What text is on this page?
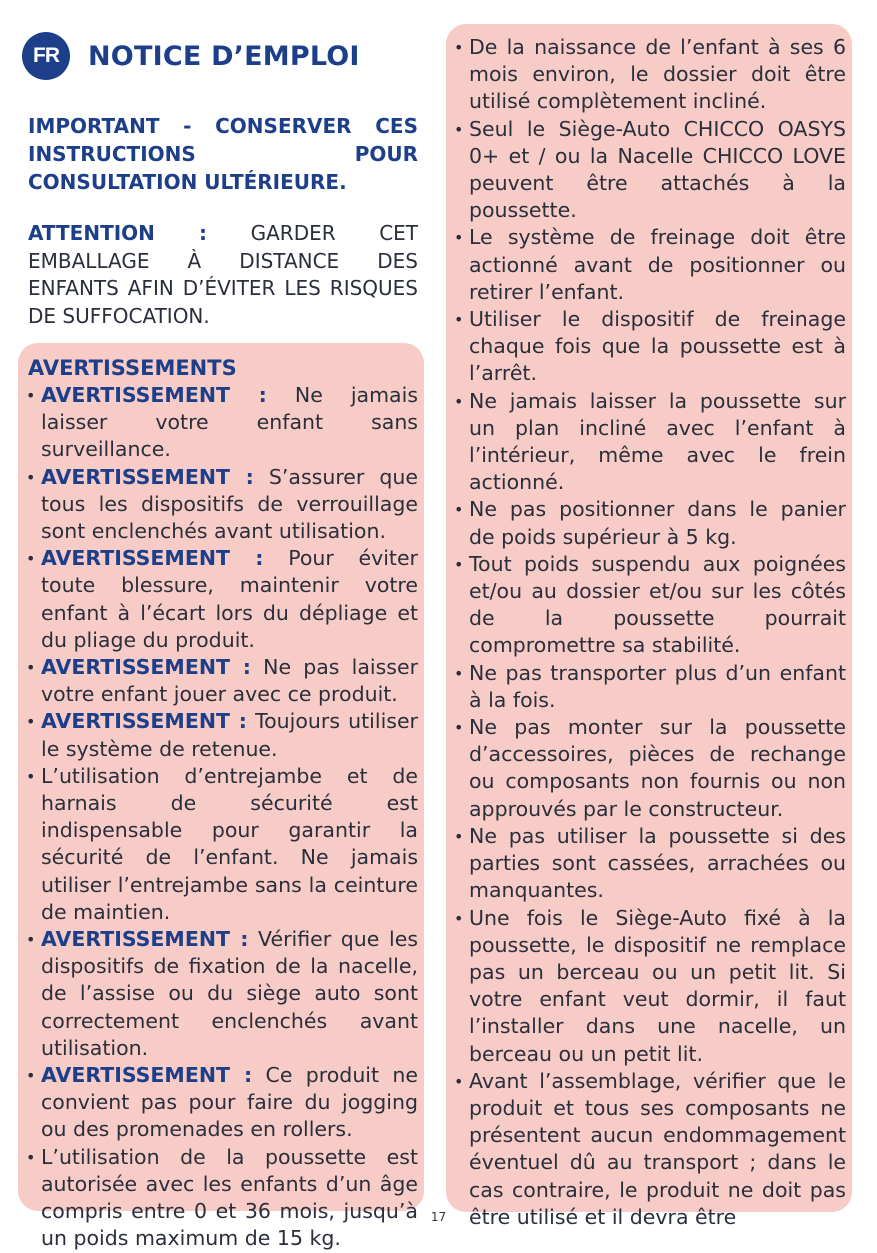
FR	NOTICE D’EMPLOI
IMPORTANT - CONSERVER CES INSTRUCTIONS POUR CONSULTATION ULTÉRIEURE.
ATTENTION : GARDER CET EMBALLAGE À DISTANCE DES ENFANTS AFIN D’ÉVITER LES RISQUES DE SUFFOCATION.
AVERTISSEMENTS
• AVERTISSEMENT : Ne jamais laisser votre enfant sans surveillance.
• AVERTISSEMENT : S’assurer que tous les dispositifs de verrouillage sont enclenchés avant utilisation.
• AVERTISSEMENT : Pour éviter toute blessure, maintenir votre enfant à l’écart lors du dépliage et du pliage du produit.
• AVERTISSEMENT : Ne pas laisser votre enfant jouer avec ce produit.
• AVERTISSEMENT : Toujours utiliser le système de retenue.
• L’utilisation d’entrejambe et de harnais de sécurité est indispensable pour garantir la sécurité de l’enfant. Ne jamais utiliser l’entrejambe sans la ceinture de maintien.
• AVERTISSEMENT : Vérifier que les dispositifs de fixation de la nacelle, de l’assise ou du siège auto sont correctement enclenchés avant utilisation.
• AVERTISSEMENT : Ce produit ne convient pas pour faire du jogging ou des promenades en rollers.
• L’utilisation de la poussette est autorisée avec les enfants d’un âge compris entre 0 et 36 mois, jusqu’à un poids maximum de 15 kg.
• De la naissance de l’enfant à ses 6 mois environ, le dossier doit être utilisé complètement incliné.
• Seul le Siège-Auto CHICCO OASYS 0+ et / ou la Nacelle CHICCO LOVE peuvent être attachés à la poussette.
• Le système de freinage doit être actionné avant de positionner ou retirer l’enfant.
• Utiliser le dispositif de freinage chaque fois que la poussette est à l’arrêt.
• Ne jamais laisser la poussette sur un plan incliné avec l’enfant à l’intérieur, même avec le frein actionné.
• Ne pas positionner dans le panier de poids supérieur à 5 kg.
• Tout poids suspendu aux poignées et/ou au dossier et/ou sur les côtés de la poussette pourrait compromettre sa stabilité.
• Ne pas transporter plus d’un enfant à la fois.
• Ne pas monter sur la poussette d’accessoires, pièces de rechange ou composants non fournis ou non approuvés par le constructeur.
• Ne pas utiliser la poussette si des parties sont cassées, arrachées ou manquantes.
• Une fois le Siège-Auto fixé à la poussette, le dispositif ne remplace pas un berceau ou un petit lit. Si votre enfant veut dormir, il faut l’installer dans une nacelle, un berceau ou un petit lit.
• Avant l’assemblage, vérifier que le produit et tous ses composants ne présentent aucun endommagement éventuel dû au transport ; dans le cas contraire, le produit ne doit pas être utilisé et il devra être
17
